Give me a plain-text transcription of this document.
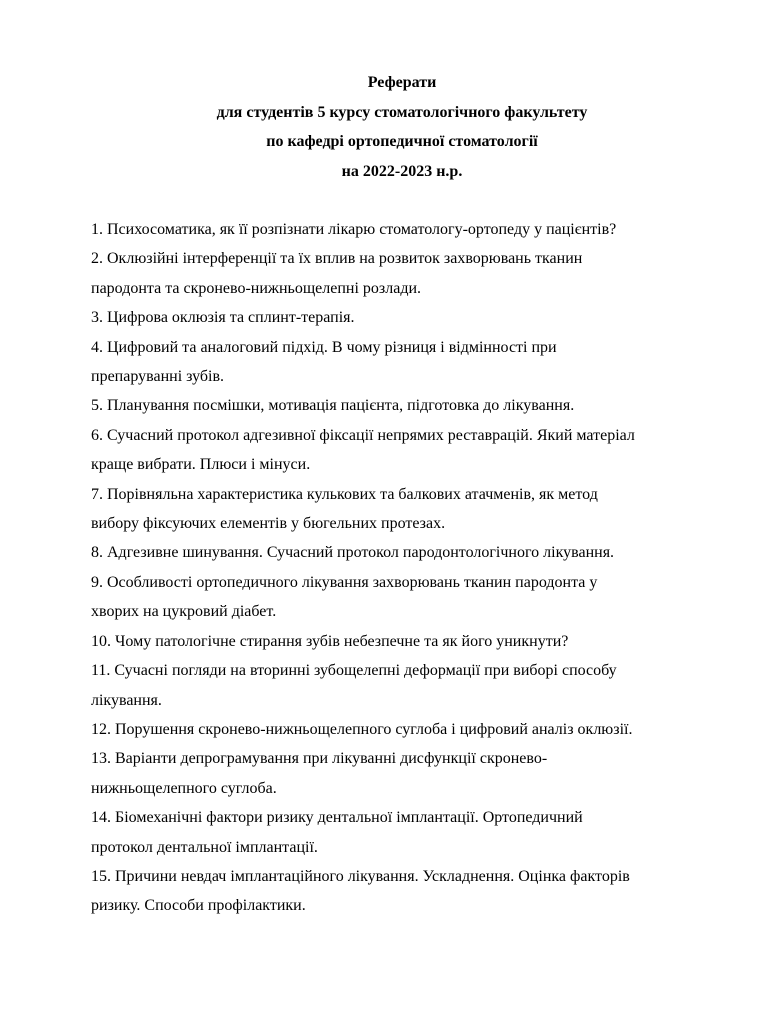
Реферати
для студентів 5 курсу стоматологічного факультету
по кафедрі ортопедичної стоматології
на 2022-2023 н.р.
1. Психосоматика, як її розпізнати лікарю стоматологу-ортопеду у пацієнтів?
2. Оклюзійні інтерференції та їх вплив на розвиток захворювань тканин
пародонта та скронево-нижньощелепні розлади.
3. Цифрова оклюзія та сплинт-терапія.
4. Цифровий та аналоговий підхід. В чому різниця і відмінності при
препаруванні зубів.
5. Планування посмішки, мотивація пацієнта, підготовка до лікування.
6. Сучасний протокол адгезивної фіксації непрямих реставрацій. Який матеріал
краще вибрати. Плюси і мінуси.
7. Порівняльна характеристика кулькових та балкових атачменів, як метод
вибору фіксуючих елементів у бюгельних протезах.
8. Адгезивне шинування. Сучасний протокол пародонтологічного лікування.
9. Особливості ортопедичного лікування захворювань тканин пародонта у
хворих на цукровий діабет.
10. Чому патологічне стирання зубів небезпечне та як його уникнути?
11. Сучасні погляди на вторинні зубощелепні деформації при виборі способу
лікування.
12. Порушення скронево-нижньощелепного суглоба і цифровий аналіз оклюзії.
13. Варіанти депрограмування при лікуванні дисфункції скронево-
нижньощелепного суглоба.
14. Біомеханічні фактори ризику дентальної імплантації. Ортопедичний
протокол дентальної імплантації.
15. Причини невдач імплантаційного лікування. Ускладнення. Оцінка факторів
ризику. Способи профілактики.
